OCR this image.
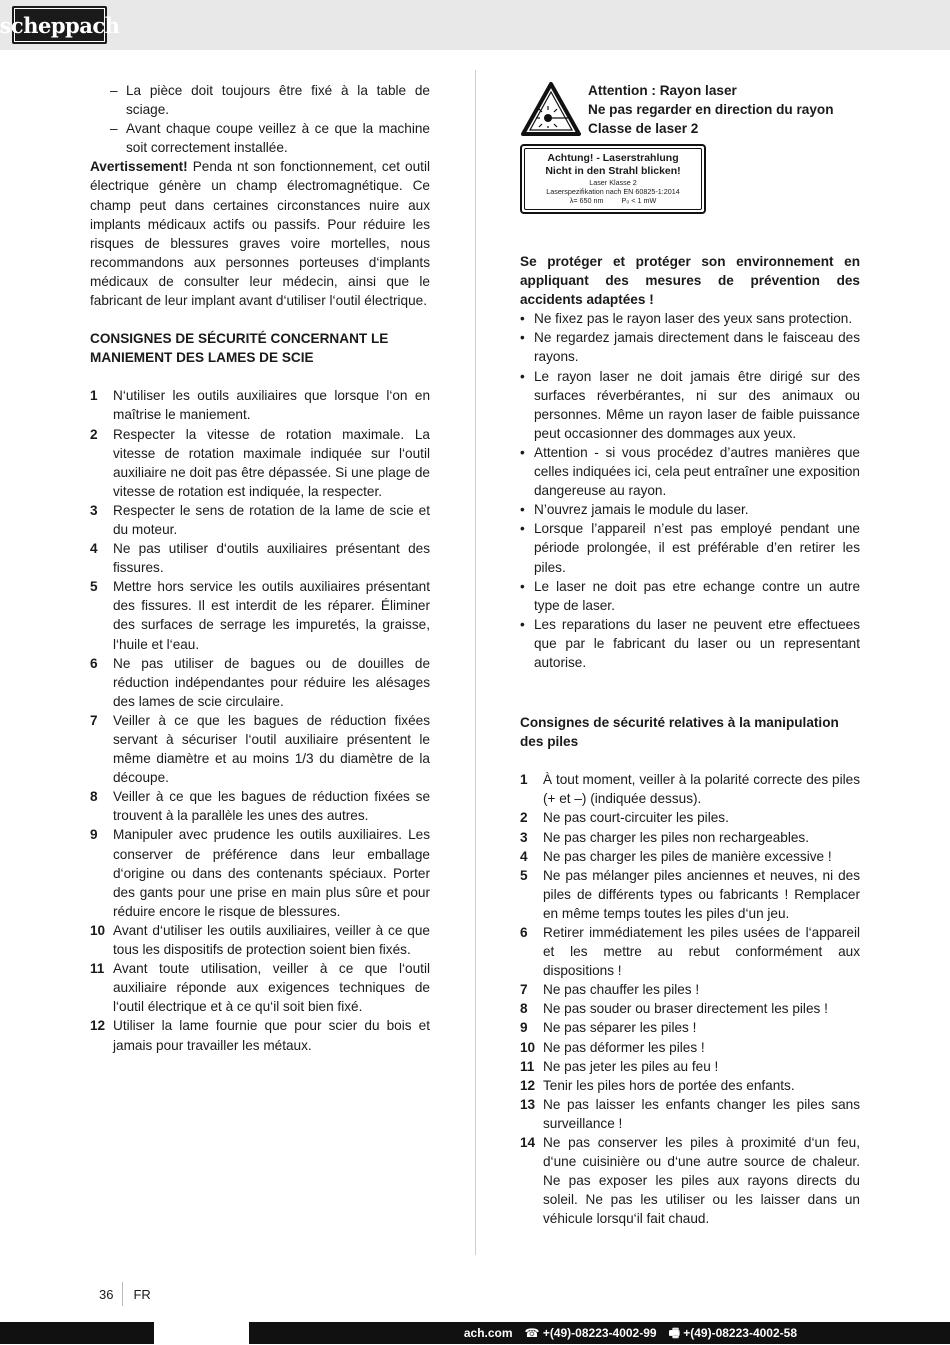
scheppach
– La pièce doit toujours être fixé à la table de sciage.
– Avant chaque coupe veillez à ce que la machine soit correctement installée.

Avertissement! Penda nt son fonctionnement, cet outil électrique génère un champ électromagnétique. Ce champ peut dans certaines circonstances nuire aux implants médicaux actifs ou passifs. Pour réduire les risques de blessures graves voire mortelles, nous recommandons aux personnes porteuses d‘implants médicaux de consulter leur médecin, ainsi que le fabricant de leur implant avant d‘utiliser l‘outil électrique.

CONSIGNES DE SÉCURITÉ CONCERNANT LE MANIEMENT DES LAMES DE SCIE

1	N‘utiliser les outils auxiliaires que lorsque l‘on en maîtrise le maniement.
2	Respecter la vitesse de rotation maximale. La vitesse de rotation maximale indiquée sur l‘outil auxiliaire ne doit pas être dépassée. Si une plage de vitesse de rotation est indiquée, la respecter.
3	Respecter le sens de rotation de la lame de scie et du moteur.
4	Ne pas utiliser d‘outils auxiliaires présentant des fissures.
5	Mettre hors service les outils auxiliaires présentant des fissures. Il est interdit de les réparer. Éliminer des surfaces de serrage les impuretés, la graisse, l‘huile et l‘eau.
6	Ne pas utiliser de bagues ou de douilles de réduction indépendantes pour réduire les alésages des lames de scie circulaire.
7	Veiller à ce que les bagues de réduction fixées servant à sécuriser l‘outil auxiliaire présentent le même diamètre et au moins 1/3 du diamètre de la découpe.
8	Veiller à ce que les bagues de réduction fixées se trouvent à la parallèle les unes des autres.
9	Manipuler avec prudence les outils auxiliaires. Les conserver de préférence dans leur emballage d‘origine ou dans des contenants spéciaux. Porter des gants pour une prise en main plus sûre et pour réduire encore le risque de blessures.
10 Avant d‘utiliser les outils auxiliaires, veiller à ce que tous les dispositifs de protection soient bien fixés.
11 Avant toute utilisation, veiller à ce que l‘outil auxiliaire réponde aux exigences techniques de l‘outil électrique et à ce qu‘il soit bien fixé.
12 Utiliser la lame fournie que pour scier du bois et jamais pour travailler les métaux.
Attention : Rayon laser
Ne pas regarder en direction du rayon
Classe de laser 2
Achtung! - Laserstrahlung
Nicht in den Strahl blicken!
Laser Klasse 2
Laserspezifikation nach EN 60825-1:2014
λ= 650 nm	P₀ < 1 mW

Se protéger et protéger son environnement en appliquant des mesures de prévention des accidents adaptées !

• Ne fixez pas le rayon laser des yeux sans protection.
• Ne regardez jamais directement dans le faisceau des rayons.
• Le rayon laser ne doit jamais être dirigé sur des surfaces réverbérantes, ni sur des animaux ou personnes. Même un rayon laser de faible puissance peut occasionner des dommages aux yeux.
• Attention - si vous procédez d’autres manières que celles indiquées ici, cela peut entraîner une exposition dangereuse au rayon.
• N’ouvrez jamais le module du laser.
• Lorsque l’appareil n’est pas employé pendant une période prolongée, il est préférable d’en retirer les piles.
• Le laser ne doit pas etre echange contre un autre type de laser.
• Les reparations du laser ne peuvent etre effectuees que par le fabricant du laser ou un representant autorise.

Consignes de sécurité relatives à la manipulation des piles

1	À tout moment, veiller à la polarité correcte des piles (+ et –) (indiquée dessus).
2	Ne pas court-circuiter les piles.
3	Ne pas charger les piles non rechargeables.
4	Ne pas charger les piles de manière excessive !
5	Ne pas mélanger piles anciennes et neuves, ni des piles de différents types ou fabricants ! Remplacer en même temps toutes les piles d‘un jeu.
6	Retirer immédiatement les piles usées de l‘appareil et les mettre au rebut conformément aux dispositions !
7	Ne pas chauffer les piles !
8	Ne pas souder ou braser directement les piles !
9	Ne pas séparer les piles !
10 Ne pas déformer les piles !
11 Ne pas jeter les piles au feu !
12 Tenir les piles hors de portée des enfants.
13 Ne pas laisser les enfants changer les piles sans surveillance !
14 Ne pas conserver les piles à proximité d‘un feu, d‘une cuisinière ou d‘une autre source de chaleur. Ne pas exposer les piles aux rayons directs du soleil. Ne pas les utiliser ou les laisser dans un véhicule lorsqu‘il fait chaud.
36 FR
ach.com ☎ +(49)-08223-4002-99 🖷 +(49)-08223-4002-58
